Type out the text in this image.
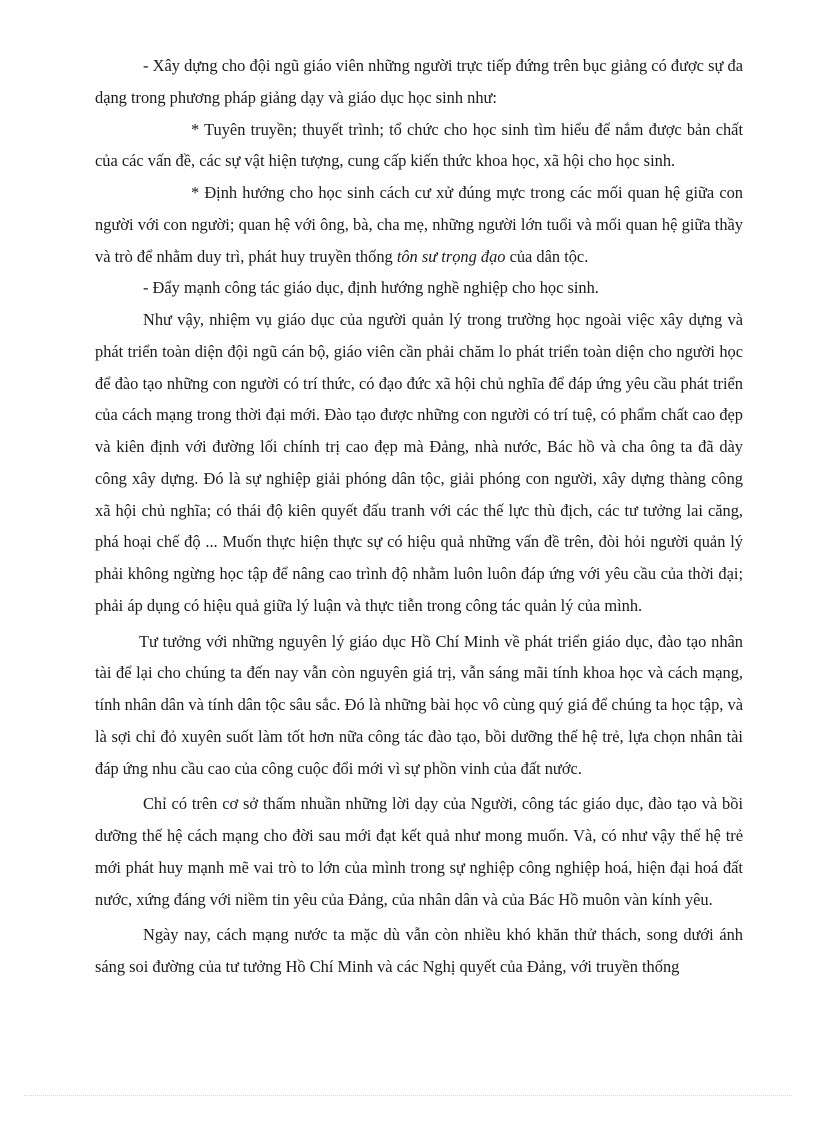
- Xây dựng cho đội ngũ giáo viên những người trực tiếp đứng trên bục giảng có được sự đa dạng trong phương pháp giảng dạy và giáo dục học sinh như:

* Tuyên truyền; thuyết trình; tổ chức cho học sinh tìm hiểu để nắm được bản chất của các vấn đề, các sự vật hiện tượng, cung cấp kiến thức khoa học, xã hội cho học sinh.

* Định hướng cho học sinh cách cư xử đúng mực trong các mối quan hệ giữa con người với con người; quan hệ với ông, bà, cha mẹ, những người lớn tuổi và mối quan hệ giữa thầy và trò để nhằm duy trì, phát huy truyền thống tôn sư trọng đạo của dân tộc.

- Đẩy mạnh công tác giáo dục, định hướng nghề nghiệp cho học sinh.

Như vậy, nhiệm vụ giáo dục của người quản lý trong trường học ngoài việc xây dựng và phát triển toàn diện đội ngũ cán bộ, giáo viên cần phải chăm lo phát triển toàn diện cho người học để đào tạo những con người có trí thức, có đạo đức xã hội chủ nghĩa để đáp ứng yêu cầu phát triển của cách mạng trong thời đại mới. Đào tạo được những con người có trí tuệ, có phẩm chất cao đẹp và kiên định với đường lối chính trị cao đẹp mà Đảng, nhà nước, Bác hồ và cha ông ta đã dày công xây dựng. Đó là sự nghiệp giải phóng dân tộc, giải phóng con người, xây dựng thàng công xã hội chủ nghĩa; có thái độ kiên quyết đấu tranh với các thế lực thù địch, các tư tưởng lai căng, phá hoại chế độ ... Muốn thực hiện thực sự có hiệu quả những vấn đề trên, đòi hỏi người quản lý phải không ngừng học tập để nâng cao trình độ nhằm luôn luôn đáp ứng với yêu cầu của thời đại; phải áp dụng có hiệu quả giữa lý luận và thực tiễn trong công tác quản lý của mình.

Tư tưởng với những nguyên lý giáo dục Hồ Chí Minh về phát triển giáo dục, đào tạo nhân tài để lại cho chúng ta đến nay vẫn còn nguyên giá trị, vẫn sáng mãi tính khoa học và cách mạng, tính nhân dân và tính dân tộc sâu sắc. Đó là những bài học vô cùng quý giá để chúng ta học tập, và là sợi chỉ đỏ xuyên suốt làm tốt hơn nữa công tác đào tạo, bồi dưỡng thế hệ trẻ, lựa chọn nhân tài đáp ứng nhu cầu cao của công cuộc đổi mới vì sự phồn vinh của đất nước.

Chỉ có trên cơ sở thấm nhuần những lời dạy của Người, công tác giáo dục, đào tạo và bồi dưỡng thế hệ cách mạng cho đời sau mới đạt kết quả như mong muốn. Và, có như vậy thế hệ trẻ mới phát huy mạnh mẽ vai trò to lớn của mình trong sự nghiệp công nghiệp hoá, hiện đại hoá đất nước, xứng đáng với niềm tin yêu của Đảng, của nhân dân và của Bác Hồ muôn vàn kính yêu.

Ngày nay, cách mạng nước ta mặc dù vẫn còn nhiều khó khăn thử thách, song dưới ánh sáng soi đường của tư tưởng Hồ Chí Minh và các Nghị quyết của Đảng, với truyền thống
